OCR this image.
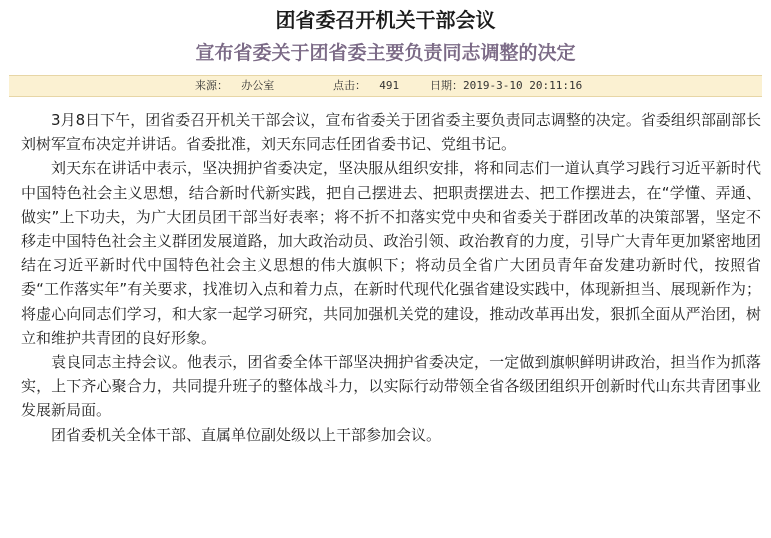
团省委召开机关干部会议
宣布省委关于团省委主要负责同志调整的决定

来源：  办公室

	点击：  491

	日期：2019-3-10 20:11:16

3月8日下午，团省委召开机关干部会议，宣布省委关于团省委主要负责同志调整的决定。省委组织部副部长刘树军宣布决定并讲话。省委批准，刘天东同志任团省委书记、党组书记。

刘天东在讲话中表示，坚决拥护省委决定，坚决服从组织安排，将和同志们一道认真学习践行习近平新时代中国特色社会主义思想，结合新时代新实践，把自己摆进去、把职责摆进去、把工作摆进去，在“学懂、弄通、做实”上下功夫，为广大团员团干部当好表率；将不折不扣落实党中央和省委关于群团改革的决策部署，坚定不移走中国特色社会主义群团发展道路，加大政治动员、政治引领、政治教育的力度，引导广大青年更加紧密地团结在习近平新时代中国特色社会主义思想的伟大旗帜下；将动员全省广大团员青年奋发建功新时代，按照省委“工作落实年”有关要求，找准切入点和着力点，在新时代现代化强省建设实践中，体现新担当、展现新作为；将虚心向同志们学习，和大家一起学习研究，共同加强机关党的建设，推动改革再出发，狠抓全面从严治团，树立和维护共青团的良好形象。

袁良同志主持会议。他表示，团省委全体干部坚决拥护省委决定，一定做到旗帜鲜明讲政治，担当作为抓落实，上下齐心聚合力，共同提升班子的整体战斗力，以实际行动带领全省各级团组织开创新时代山东共青团事业发展新局面。

团省委机关全体干部、直属单位副处级以上干部参加会议。
